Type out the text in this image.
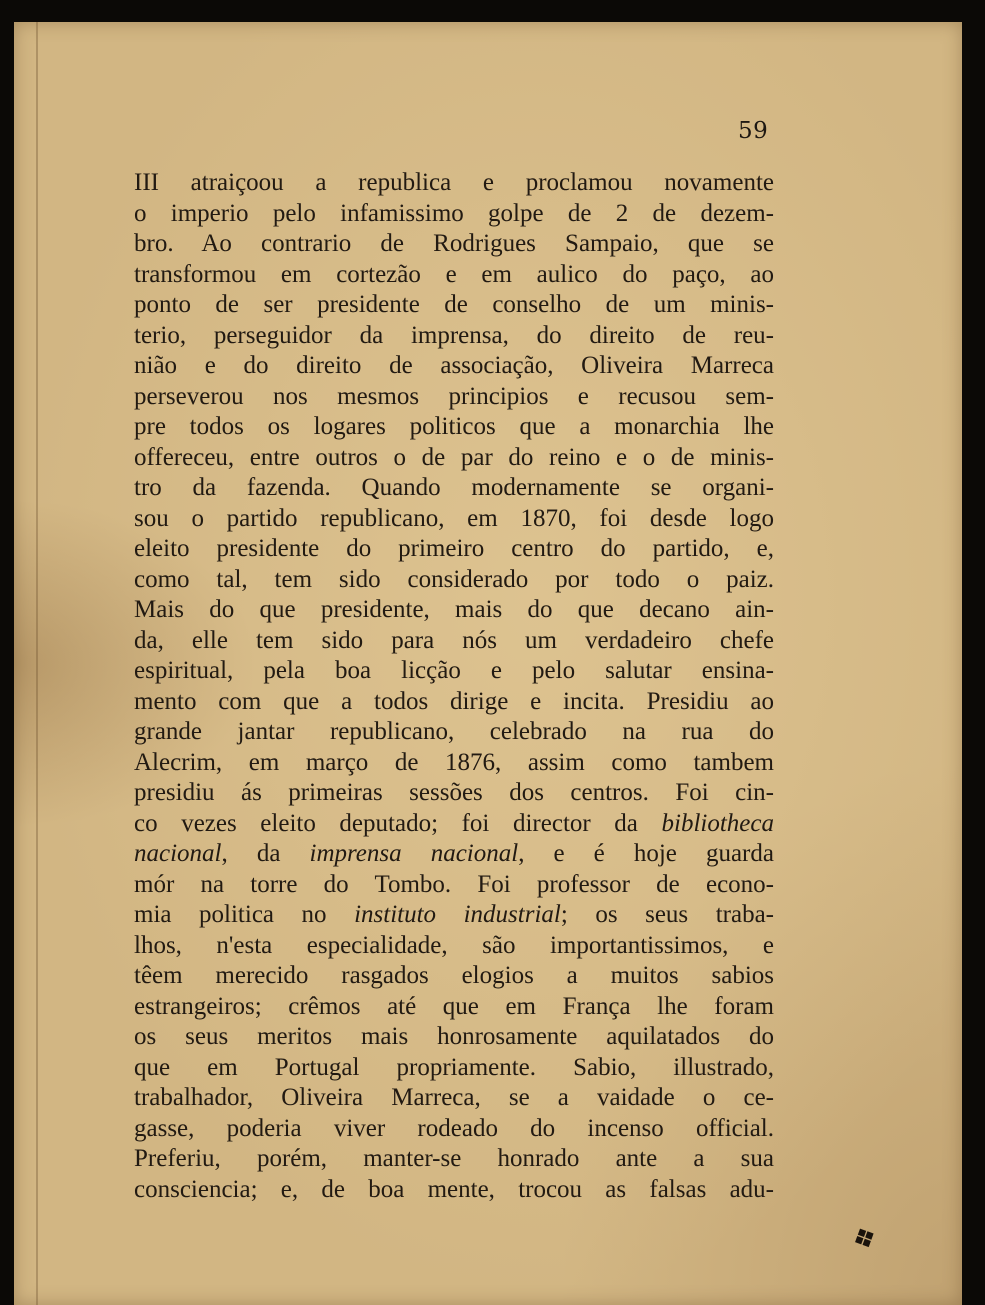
59
III atraiçoou a republica e proclamou novamente
o imperio pelo infamissimo golpe de 2 de dezem-
bro. Ao contrario de Rodrigues Sampaio, que se
transformou em cortezão e em aulico do paço, ao
ponto de ser presidente de conselho de um minis-
terio, perseguidor da imprensa, do direito de reu-
nião e do direito de associação, Oliveira Marreca
perseverou nos mesmos principios e recusou sem-
pre todos os logares politicos que a monarchia lhe
offereceu, entre outros o de par do reino e o de minis-
tro da fazenda. Quando modernamente se organi-
sou o partido republicano, em 1870, foi desde logo
eleito presidente do primeiro centro do partido, e,
como tal, tem sido considerado por todo o paiz.
Mais do que presidente, mais do que decano ain-
da, elle tem sido para nós um verdadeiro chefe
espiritual, pela boa licção e pelo salutar ensina-
mento com que a todos dirige e incita. Presidiu ao
grande jantar republicano, celebrado na rua do
Alecrim, em março de 1876, assim como tambem
presidiu ás primeiras sessões dos centros. Foi cin-
co vezes eleito deputado; foi director da bibliotheca
nacional, da imprensa nacional, e é hoje guarda
mór na torre do Tombo. Foi professor de econo-
mia politica no instituto industrial; os seus traba-
lhos, n'esta especialidade, são importantissimos, e
têem merecido rasgados elogios a muitos sabios
estrangeiros; crêmos até que em França lhe foram
os seus meritos mais honrosamente aquilatados do
que em Portugal propriamente. Sabio, illustrado,
trabalhador, Oliveira Marreca, se a vaidade o ce-
gasse, poderia viver rodeado do incenso official.
Preferiu, porém, manter-se honrado ante a sua
consciencia; e, de boa mente, trocou as falsas adu-
❖
